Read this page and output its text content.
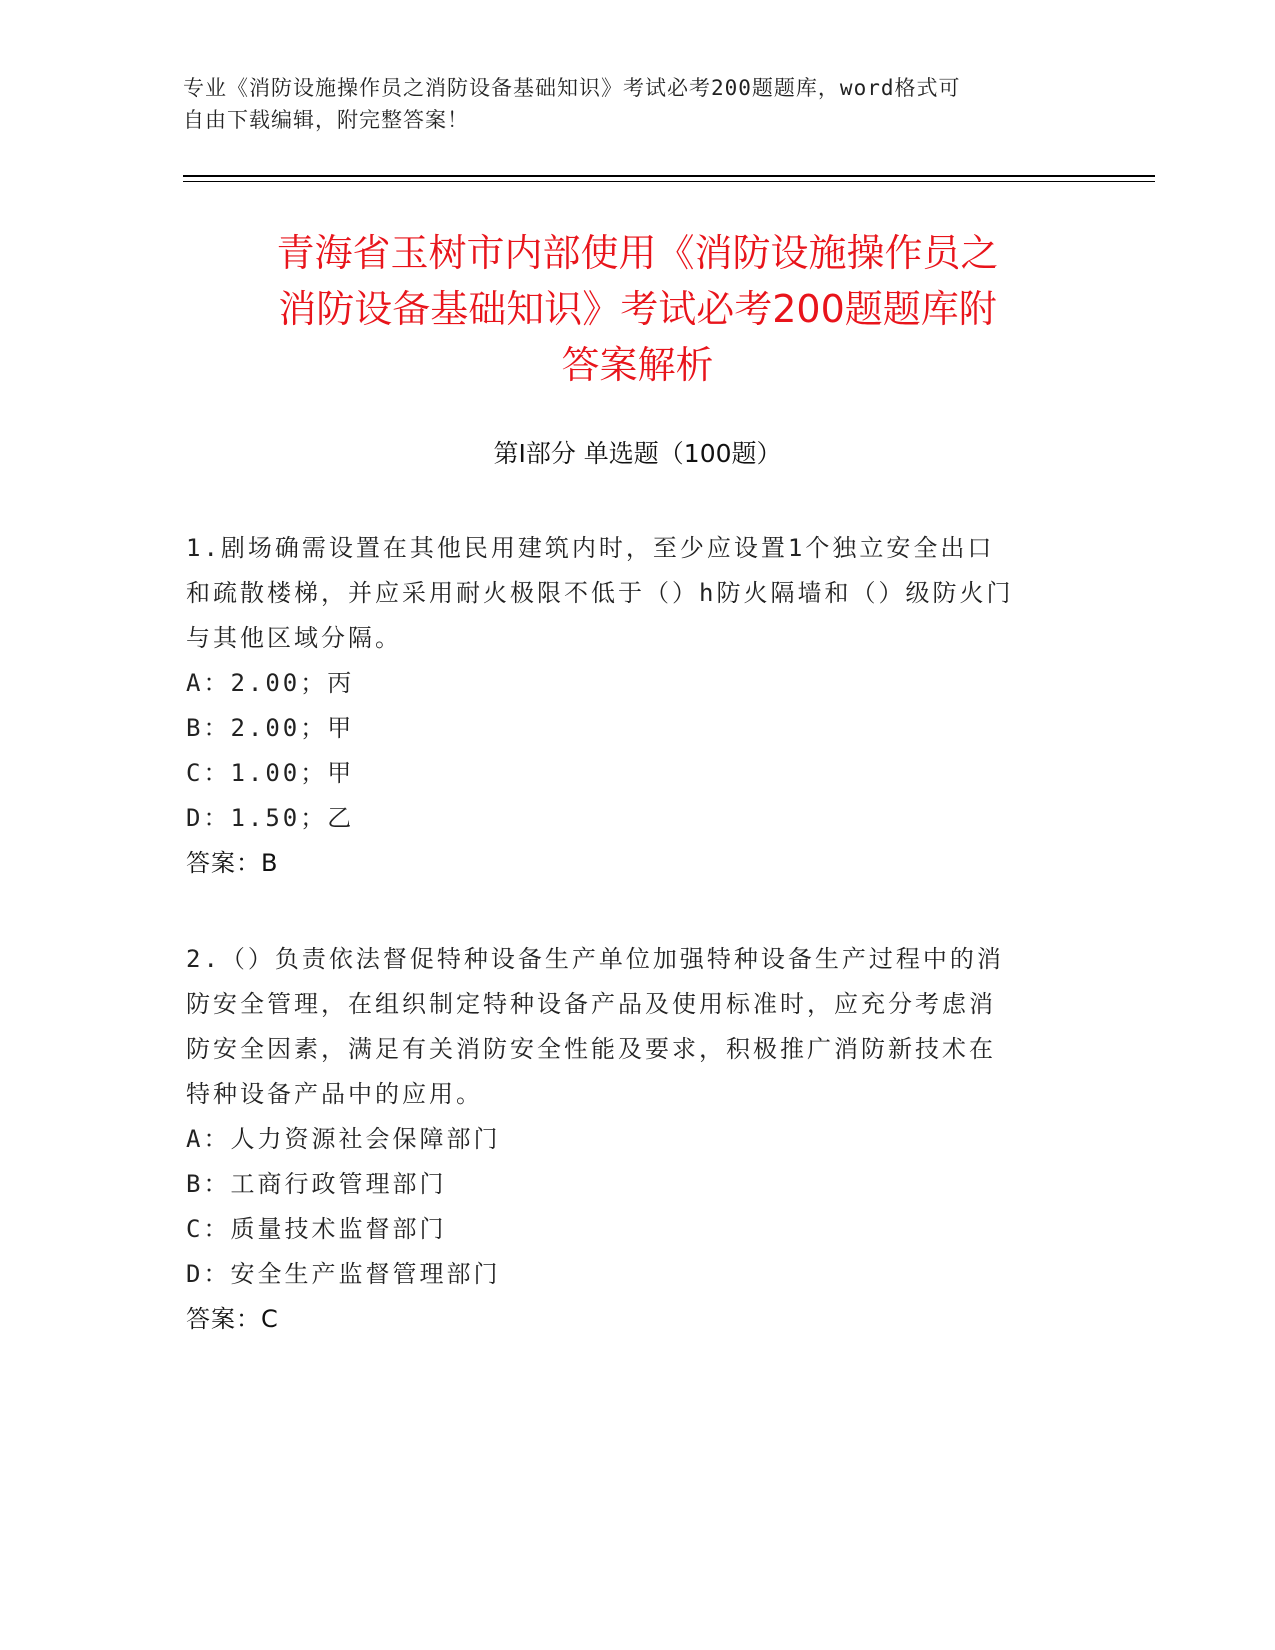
专业《消防设施操作员之消防设备基础知识》考试必考200题题库，word格式可
自由下载编辑，附完整答案！
青海省玉树市内部使用《消防设施操作员之
消防设备基础知识》考试必考200题题库附
答案解析
第Ⅰ部分 单选题（100题）
1.剧场确需设置在其他民用建筑内时，至少应设置1个独立安全出口
和疏散楼梯，并应采用耐火极限不低于（）h防火隔墙和（）级防火门
与其他区域分隔。
A：2.00；丙
B：2.00；甲
C：1.00；甲
D：1.50；乙
答案：B
2.（）负责依法督促特种设备生产单位加强特种设备生产过程中的消
防安全管理，在组织制定特种设备产品及使用标准时，应充分考虑消
防安全因素，满足有关消防安全性能及要求，积极推广消防新技术在
特种设备产品中的应用。
A：人力资源社会保障部门
B：工商行政管理部门
C：质量技术监督部门
D：安全生产监督管理部门
答案：C
